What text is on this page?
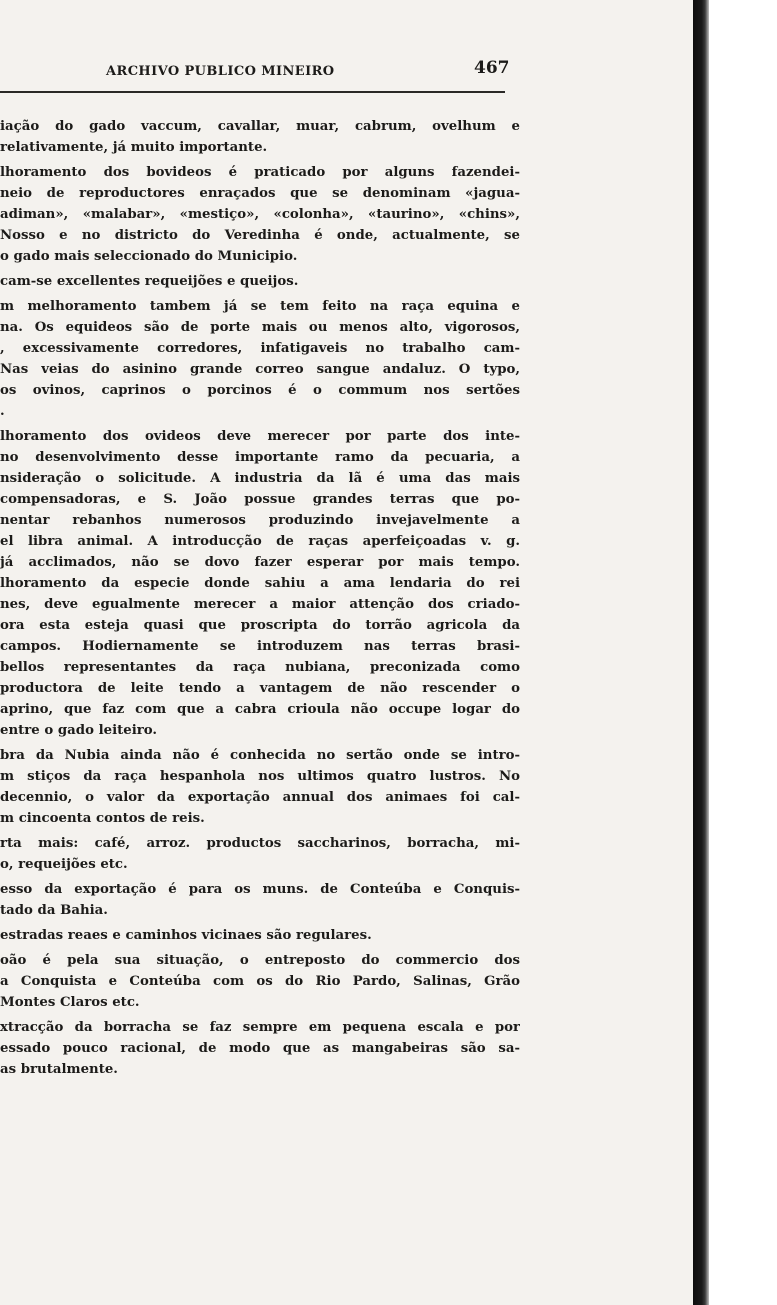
ARCHIVO PUBLICO MINEIRO	467
iação do gado vaccum, cavallar, muar, cabrum, ovelhum e
relativamente, já muito importante.
lhoramento dos bovideos é praticado por alguns fazendei-
neio de reproductores enraçados que se denominam «jagua-
adiman», «malabar», «mestiço», «colonha», «taurino», «chins»,
Nosso e no districto do Veredinha é onde, actualmente, se
o gado mais seleccionado do Municipio.
cam-se excellentes requeijões e queijos.
m melhoramento tambem já se tem feito na raça equina e
na. Os equideos são de porte mais ou menos alto, vigorosos,
, excessivamente corredores, infatigaveis no trabalho cam-
Nas veias do asinino grande correo sangue andaluz. O typo,
os ovinos, caprinos o porcinos é o commum nos sertões
.
lhoramento dos ovideos deve merecer por parte dos inte-
no desenvolvimento desse importante ramo da pecuaria, a
nsideração o solicitude. A industria da lã é uma das mais
compensadoras, e S. João possue grandes terras que po-
nentar rebanhos numerosos produzindo invejavelmente a
el libra animal. A introducção de raças aperfeiçoadas v. g.
já acclimados, não se dovo fazer esperar por mais tempo.
lhoramento da especie donde sahiu a ama lendaria do rei
nes, deve egualmente merecer a maior attenção dos criado-
ora esta esteja quasi que proscripta do torrão agricola da
campos. Hodiernamente se introduzem nas terras brasi-
bellos representantes da raça nubiana, preconizada como
productora de leite tendo a vantagem de não rescender o
aprino, que faz com que a cabra crioula não occupe logar do
entre o gado leiteiro.
bra da Nubia ainda não é conhecida no sertão onde se intro-
m stiços da raça hespanhola nos ultimos quatro lustros. No
decennio, o valor da exportação annual dos animaes foi cal-
m cincoenta contos de reis.
rta mais: café, arroz. productos saccharinos, borracha, mi-
o, requeijões etc.
esso da exportação é para os muns. de Conteúba e Conquis-
tado da Bahia.
estradas reaes e caminhos vicinaes são regulares.
oão é pela sua situação, o entreposto do commercio dos
a Conquista e Conteúba com os do Rio Pardo, Salinas, Grão
Montes Claros etc.
xtracção da borracha se faz sempre em pequena escala e por
essado pouco racional, de modo que as mangabeiras são sa-
as brutalmente.
